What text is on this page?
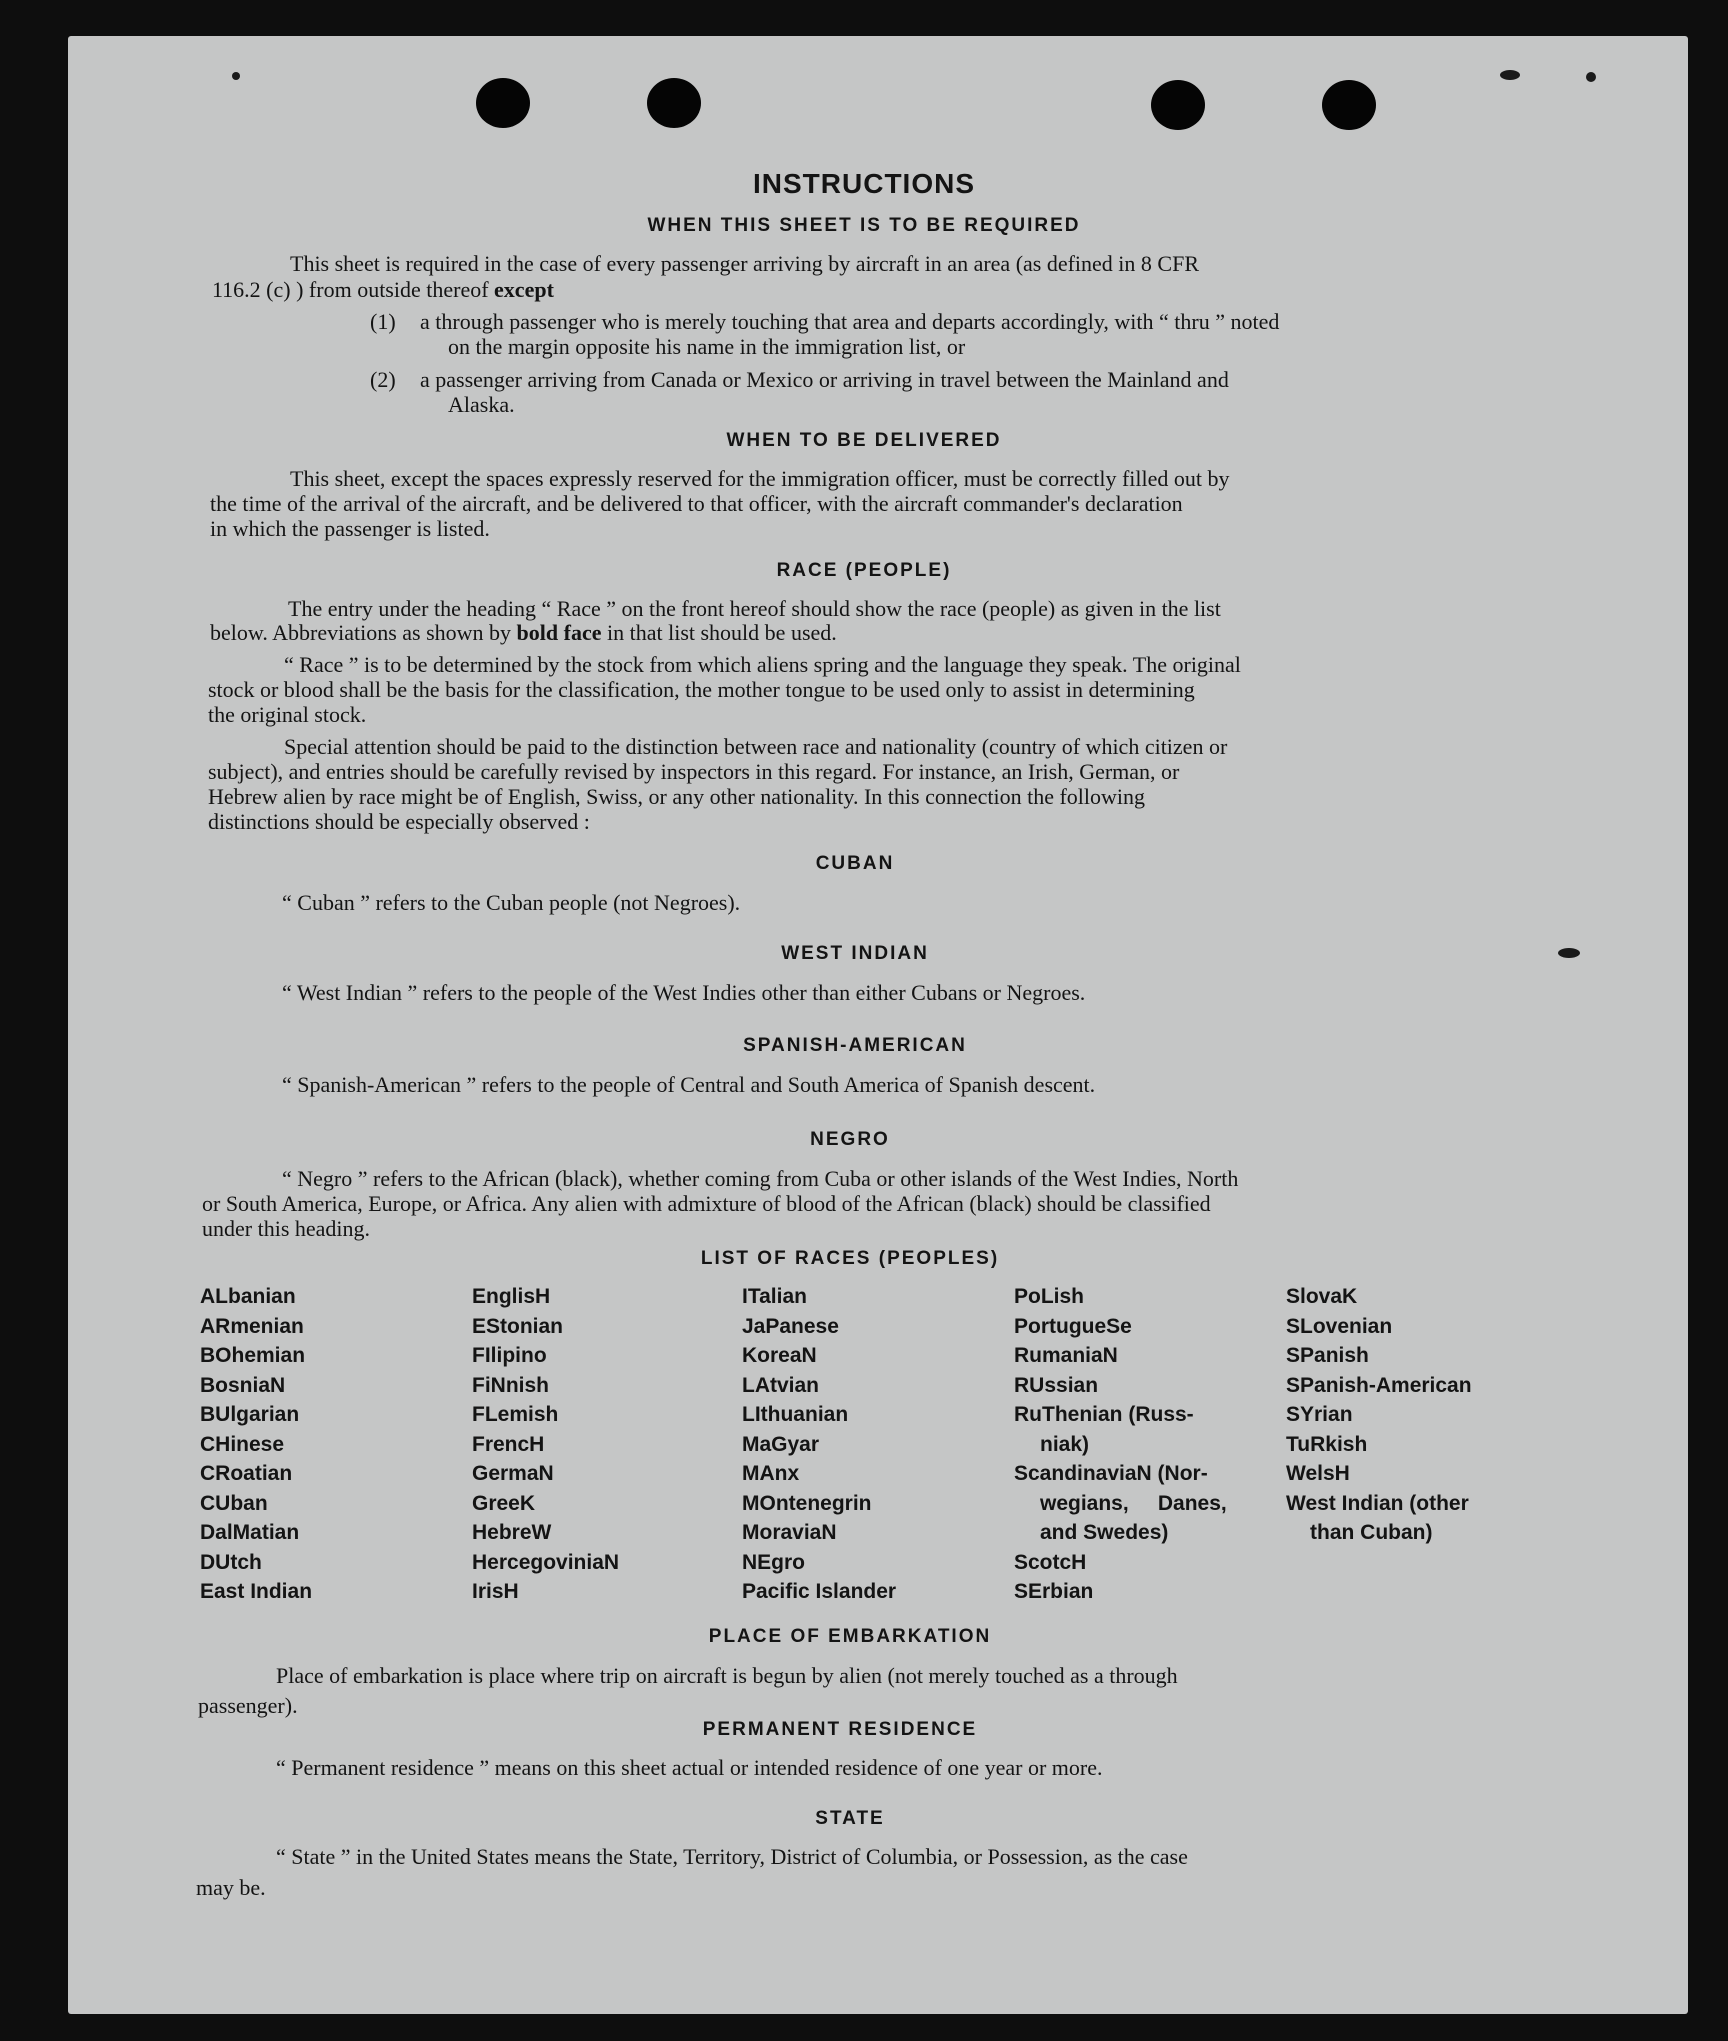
INSTRUCTIONS
WHEN THIS SHEET IS TO BE REQUIRED
This sheet is required in the case of every passenger arriving by aircraft in an area (as defined in 8 CFR
116.2 (c) ) from outside thereof except
(1) a through passenger who is merely touching that area and departs accordingly, with “ thru ” noted
on the margin opposite his name in the immigration list, or
(2) a passenger arriving from Canada or Mexico or arriving in travel between the Mainland and
Alaska.
WHEN TO BE DELIVERED
This sheet, except the spaces expressly reserved for the immigration officer, must be correctly filled out by
the time of the arrival of the aircraft, and be delivered to that officer, with the aircraft commander's declaration
in which the passenger is listed.
RACE (PEOPLE)
The entry under the heading “ Race ” on the front hereof should show the race (people) as given in the list
below. Abbreviations as shown by bold face in that list should be used.
“ Race ” is to be determined by the stock from which aliens spring and the language they speak. The original
stock or blood shall be the basis for the classification, the mother tongue to be used only to assist in determining
the original stock.
Special attention should be paid to the distinction between race and nationality (country of which citizen or
subject), and entries should be carefully revised by inspectors in this regard. For instance, an Irish, German, or
Hebrew alien by race might be of English, Swiss, or any other nationality. In this connection the following
distinctions should be especially observed :
CUBAN
“ Cuban ” refers to the Cuban people (not Negroes).
WEST INDIAN
“ West Indian ” refers to the people of the West Indies other than either Cubans or Negroes.
SPANISH-AMERICAN
“ Spanish-American ” refers to the people of Central and South America of Spanish descent.
NEGRO
“ Negro ” refers to the African (black), whether coming from Cuba or other islands of the West Indies, North
or South America, Europe, or Africa. Any alien with admixture of blood of the African (black) should be classified
under this heading.
LIST OF RACES (PEOPLES)
ALbanian
ARmenian
BOhemian
BosniaN
BUlgarian
CHinese
CRoatian
CUban
DalMatian
DUtch
East Indian
EnglisH
EStonian
FIlipino
FiNnish
FLemish
FrencH
GermaN
GreeK
HebreW
HercegoviniaN
IrisH
ITalian
JaPanese
KoreaN
LAtvian
LIthuanian
MaGyar
MAnx
MOntenegrin
MoraviaN
NEgro
Pacific Islander
PoLish
PortugueSe
RumaniaN
RUssian
RuThenian (Russ-
niak)
ScandinaviaN (Nor-
wegians,     Danes,
and Swedes)
ScotcH
SErbian
SlovaK
SLovenian
SPanish
SPanish-American
SYrian
TuRkish
WelsH
West Indian (other
than Cuban)
PLACE OF EMBARKATION
Place of embarkation is place where trip on aircraft is begun by alien (not merely touched as a through
passenger).
PERMANENT RESIDENCE
“ Permanent residence ” means on this sheet actual or intended residence of one year or more.
STATE
“ State ” in the United States means the State, Territory, District of Columbia, or Possession, as the case
may be.
